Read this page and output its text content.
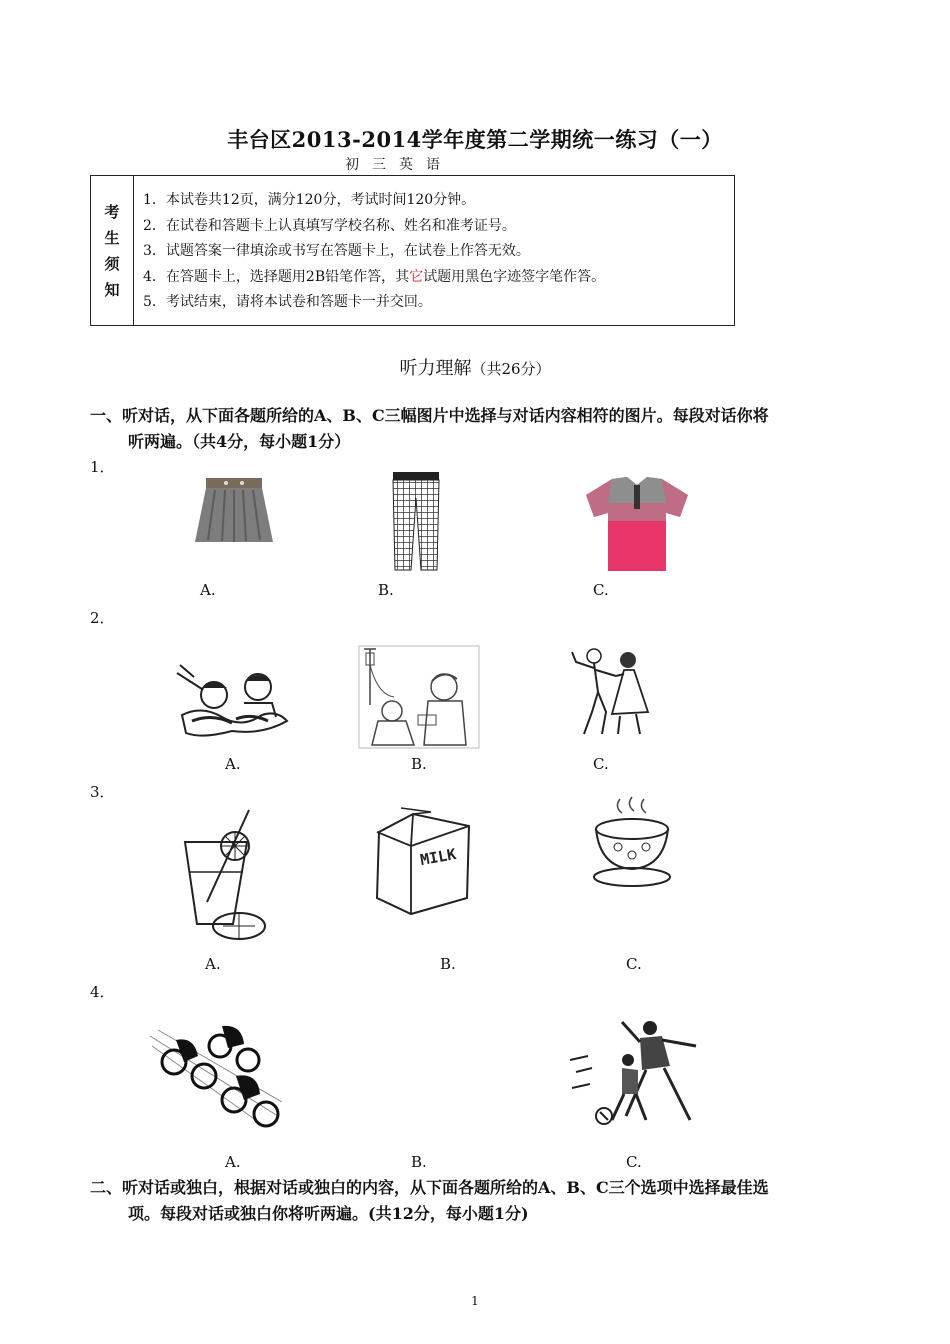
丰台区2013-2014学年度第二学期统一练习（一）
初三英语
考
生
须
知
1．本试卷共12页，满分120分，考试时间120分钟。
2．在试卷和答题卡上认真填写学校名称、姓名和准考证号。
3．试题答案一律填涂或书写在答题卡上，在试卷上作答无效。
4．在答题卡上，选择题用2B铅笔作答，其它试题用黑色字迹签字笔作答。
5．考试结束，请将本试卷和答题卡一并交回。
听力理解（共26分）
一、听对话，从下面各题所给的A、B、C三幅图片中选择与对话内容相符的图片。每段对话你将
听两遍。（共4分，每小题1分）
1．
A.	B.	C.
2．
A.	B.	C.
3．
MILK
A.	B.	C.
4．
A.	B.	C.
二、听对话或独白，根据对话或独白的内容，从下面各题所给的A、B、C三个选项中选择最佳选
项。每段对话或独白你将听两遍。(共12分，每小题1分)
1
